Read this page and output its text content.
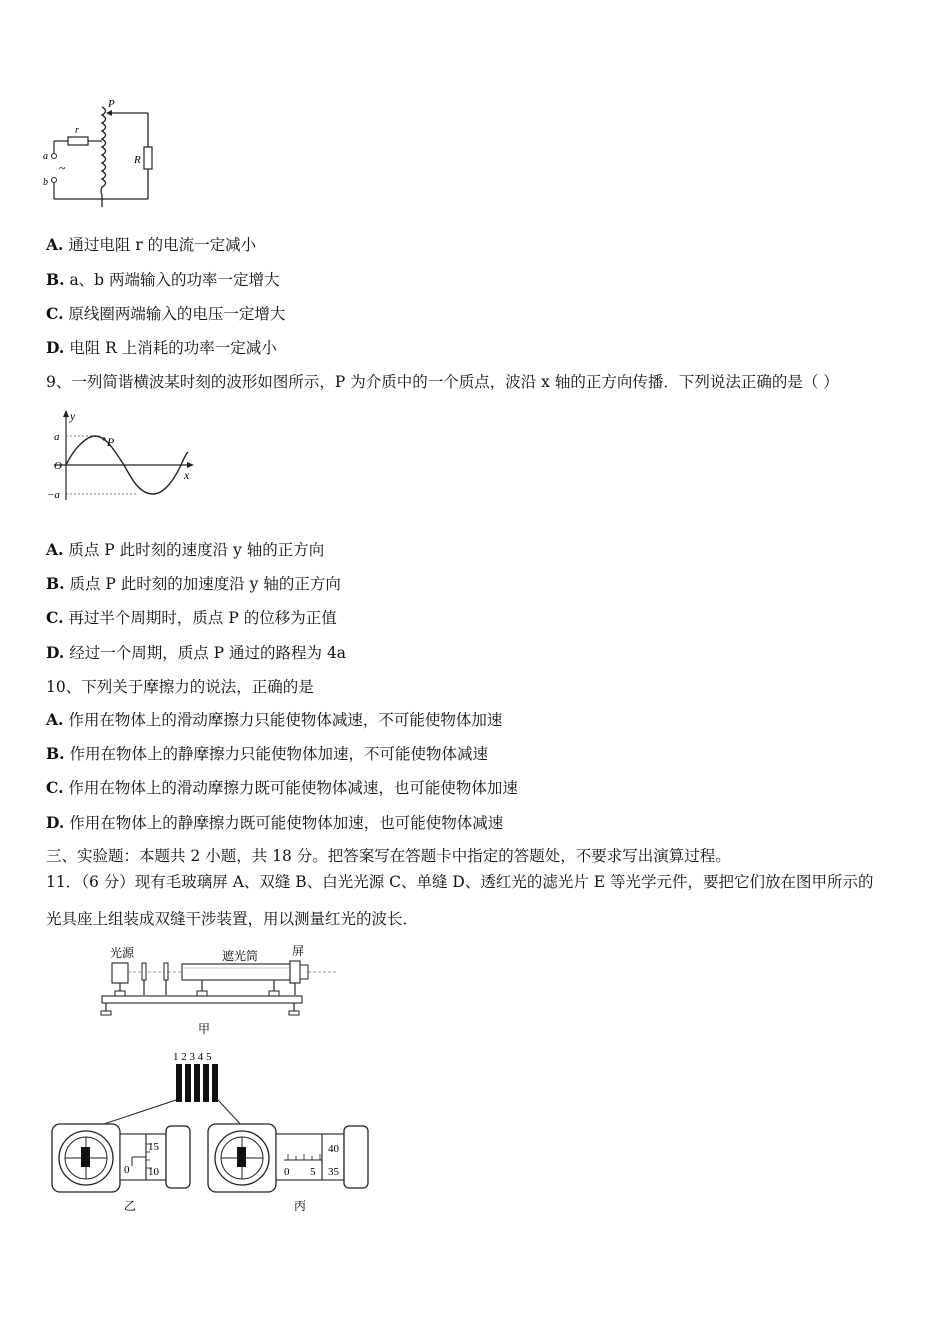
P
r
R
a
b
~
A. 通过电阻 r 的电流一定减小
B. a、b 两端输入的功率一定增大
C. 原线圈两端输入的电压一定增大
D. 电阻 R 上消耗的功率一定减小
9、一列简谐横波某时刻的波形如图所示，P 为介质中的一个质点，波沿 x 轴的正方向传播．下列说法正确的是（ ）
y
x
a
−a
O
P
A. 质点 P 此时刻的速度沿 y 轴的正方向
B. 质点 P 此时刻的加速度沿 y 轴的正方向
C. 再过半个周期时，质点 P 的位移为正值
D. 经过一个周期，质点 P 通过的路程为 4a
10、下列关于摩擦力的说法，正确的是
A. 作用在物体上的滑动摩擦力只能使物体减速，不可能使物体加速
B. 作用在物体上的静摩擦力只能使物体加速，不可能使物体减速
C. 作用在物体上的滑动摩擦力既可能使物体减速，也可能使物体加速
D. 作用在物体上的静摩擦力既可能使物体加速，也可能使物体减速
三、实验题：本题共 2 小题，共 18 分。把答案写在答题卡中指定的答题处，不要求写出演算过程。
11．（6 分）现有毛玻璃屏 A、双缝 B、白光光源 C、单缝 D、透红光的滤光片 E 等光学元件，要把它们放在图甲所示的
光具座上组装成双缝干涉装置，用以测量红光的波长．
光源	遮光筒	屏
甲
1 2 3 4 5
15
0 10
乙
40
0 5 35
丙
